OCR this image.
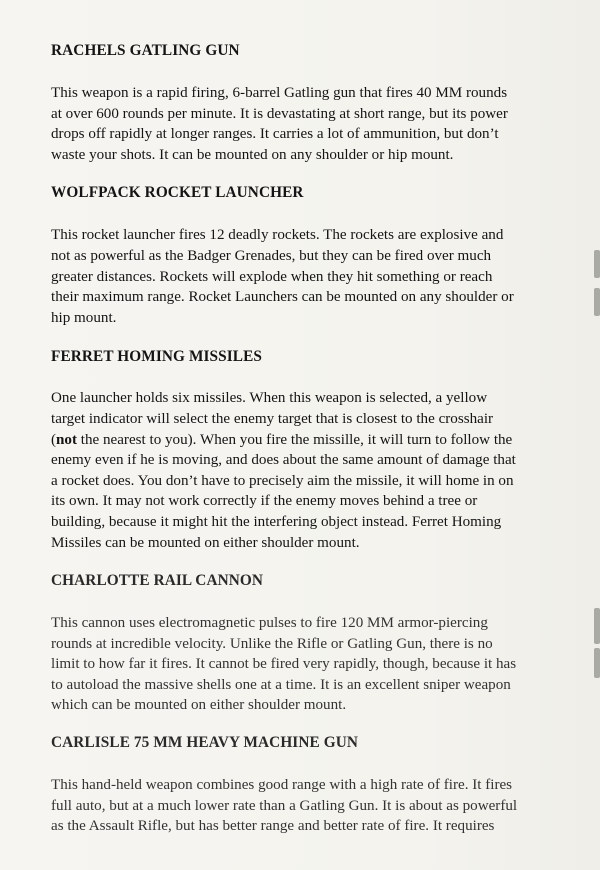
RACHELS GATLING GUN

This weapon is a rapid firing, 6-barrel Gatling gun that fires 40 MM rounds
at over 600 rounds per minute. It is devastating at short range, but its power
drops off rapidly at longer ranges. It carries a lot of ammunition, but don’t
waste your shots. It can be mounted on any shoulder or hip mount.

WOLFPACK ROCKET LAUNCHER

This rocket launcher fires 12 deadly rockets. The rockets are explosive and
not as powerful as the Badger Grenades, but they can be fired over much
greater distances. Rockets will explode when they hit something or reach
their maximum range. Rocket Launchers can be mounted on any shoulder or
hip mount.

FERRET HOMING MISSILES

One launcher holds six missiles. When this weapon is selected, a yellow
target indicator will select the enemy target that is closest to the crosshair
(not the nearest to you). When you fire the missille, it will turn to follow the
enemy even if he is moving, and does about the same amount of damage that
a rocket does. You don’t have to precisely aim the missile, it will home in on
its own. It may not work correctly if the enemy moves behind a tree or
building, because it might hit the interfering object instead. Ferret Homing
Missiles can be mounted on either shoulder mount.

CHARLOTTE RAIL CANNON

This cannon uses electromagnetic pulses to fire 120 MM armor-piercing
rounds at incredible velocity. Unlike the Rifle or Gatling Gun, there is no
limit to how far it fires. It cannot be fired very rapidly, though, because it has
to autoload the massive shells one at a time. It is an excellent sniper weapon
which can be mounted on either shoulder mount.

CARLISLE 75 MM HEAVY MACHINE GUN

This hand-held weapon combines good range with a high rate of fire. It fires
full auto, but at a much lower rate than a Gatling Gun. It is about as powerful
as the Assault Rifle, but has better range and better rate of fire. It requires
